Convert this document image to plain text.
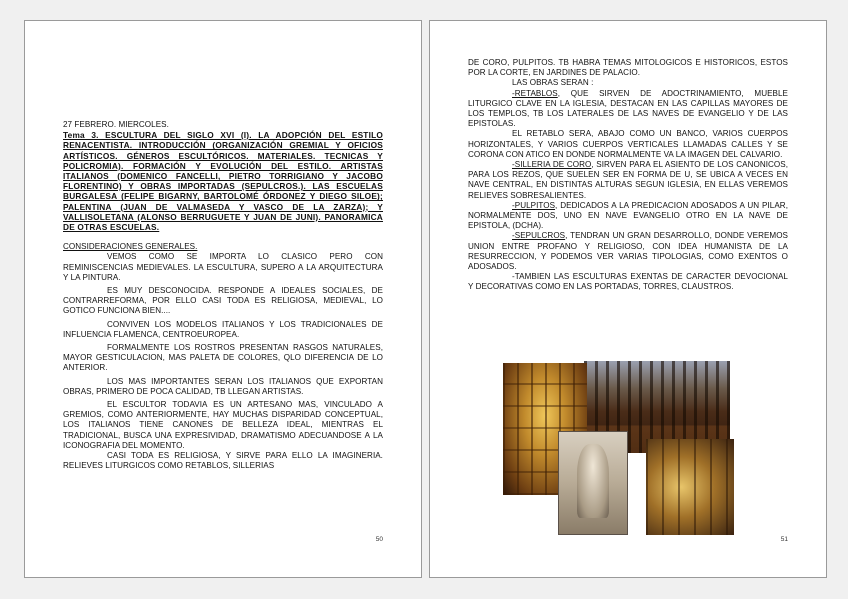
27 FEBRERO. MIERCOLES.

Tema 3. ESCULTURA DEL SIGLO XVI (I). LA ADOPCIÓN DEL ESTILO RENACENTISTA. INTRODUCCIÓN (ORGANIZACIÓN GREMIAL Y OFICIOS ARTÍSTICOS. GÉNEROS ESCULTÓRICOS. MATERIALES. TECNICAS Y POLICROMIA). FORMACIÓN Y EVOLUCIÓN DEL ESTILO. ARTISTAS ITALIANOS (DOMENICO FANCELLI, PIETRO TORRIGIANO Y JACOBO FLORENTINO) Y OBRAS IMPORTADAS (SEPULCROS.). LAS ESCUELAS BURGALESA (FELIPE BIGARNY, BARTOLOMÉ ÓRDONEZ Y DIEGO SILOE); PALENTINA (JUAN DE VALMASEDA Y VASCO DE LA ZARZA); Y VALLISOLETANA (ALONSO BERRUGUETE Y JUAN DE JUNI). PANORAMICA DE OTRAS ESCUELAS.

CONSIDERACIONES GENERALES.

VEMOS COMO SE IMPORTA LO CLASICO PERO CON REMINISCENCIAS MEDIEVALES. LA ESCULTURA, SUPERO A LA ARQUITECTURA Y LA PINTURA.

ES MUY DESCONOCIDA. RESPONDE A IDEALES SOCIALES, DE CONTRARREFORMA, POR ELLO CASI TODA ES RELIGIOSA, MEDIEVAL, LO GOTICO FUNCIONA BIEN....

CONVIVEN LOS MODELOS ITALIANOS Y LOS TRADICIONALES DE INFLUENCIA FLAMENCA, CENTROEUROPEA.

FORMALMENTE LOS ROSTROS PRESENTAN RASGOS NATURALES, MAYOR GESTICULACION, MAS PALETA DE COLORES, QLO DIFERENCIA DE LO ANTERIOR.

LOS MAS IMPORTANTES SERAN LOS ITALIANOS QUE EXPORTAN OBRAS, PRIMERO DE POCA CALIDAD, TB LLEGAN ARTISTAS.

EL ESCULTOR TODAVIA ES UN ARTESANO MAS, VINCULADO A GREMIOS, COMO ANTERIORMENTE, HAY MUCHAS DISPARIDAD CONCEPTUAL, LOS ITALIANOS TIENE CANONES DE BELLEZA IDEAL, MIENTRAS EL TRADICIONAL, BUSCA UNA EXPRESIVIDAD, DRAMATISMO ADECUANDOSE A LA ICONOGRAFIA DEL MOMENTO.

CASI TODA ES RELIGIOSA, Y SIRVE PARA ELLO LA IMAGINERIA. RELIEVES LITURGICOS COMO RETABLOS, SILLERIAS

50

DE CORO, PULPITOS. TB HABRA TEMAS MITOLOGICOS E HISTORICOS, ESTOS POR LA CORTE, EN JARDINES DE PALACIO.

LAS OBRAS SERAN :

-RETABLOS, QUE SIRVEN DE ADOCTRINAMIENTO, MUEBLE LITURGICO CLAVE EN LA IGLESIA, DESTACAN EN LAS CAPILLAS MAYORES DE LOS TEMPLOS, TB LOS LATERALES DE LAS NAVES DE EVANGELIO Y DE LAS EPISTOLAS.

EL RETABLO SERA, ABAJO COMO UN BANCO, VARIOS CUERPOS HORIZONTALES, Y VARIOS CUERPOS VERTICALES LLAMADAS CALLES Y SE CORONA CON ATICO EN DONDE NORMALMENTE VA LA IMAGEN DEL CALVARIO.

-SILLERIA DE CORO, SIRVEN PARA EL ASIENTO DE LOS CANONICOS, PARA LOS REZOS, QUE SUELEN SER EN FORMA DE U, SE UBICA A VECES EN NAVE CENTRAL, EN DISTINTAS ALTURAS SEGUN IGLESIA, EN ELLAS VEREMOS RELIEVES SOBRESALIENTES.

-PULPITOS, DEDICADOS A LA PREDICACION ADOSADOS A UN PILAR, NORMALMENTE DOS, UNO EN NAVE EVANGELIO OTRO EN LA NAVE DE EPISTOLA, (DCHA).

-SEPULCROS, TENDRAN UN GRAN DESARROLLO, DONDE VEREMOS UNION ENTRE PROFANO Y RELIGIOSO, CON IDEA HUMANISTA DE LA RESURRECCION, Y PODEMOS VER VARIAS TIPOLOGIAS, COMO EXENTOS O ADOSADOS.

-TAMBIEN LAS ESCULTURAS EXENTAS DE CARACTER DEVOCIONAL Y DECORATIVAS COMO EN LAS PORTADAS, TORRES, CLAUSTROS.

51
